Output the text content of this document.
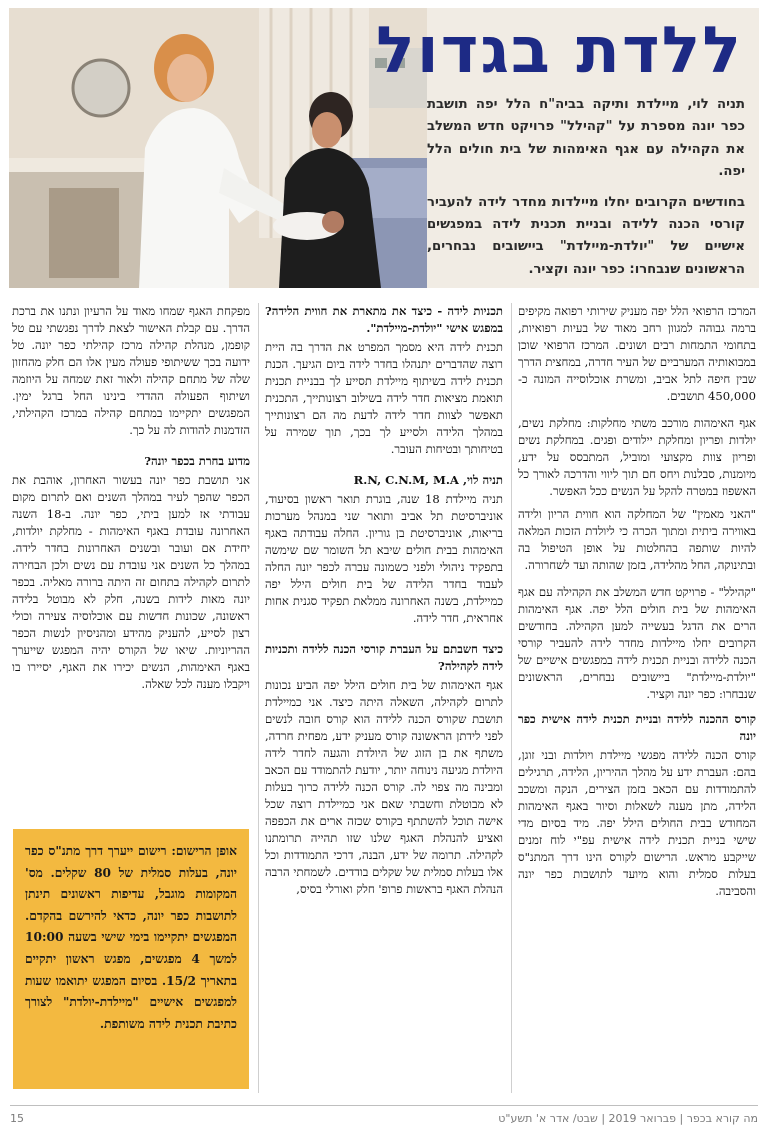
ללדת בגדול

תניה לוי, מיילדת ותיקה בביה"ח הלל יפה תושבת כפר יונה מספרת על "קהילל" פרויקט חדש המשלב את הקהילה עם אגף האימהות של בית חולים הלל יפה.

בחודשים הקרובים יחלו מיילדות מחדר לידה להעביר קורסי הכנה ללידה ובניית תכנית לידה במפגשים אישיים של "יולדת-מיילדת" ביישובים נבחרים, הראשונים שנבחרו: כפר יונה וקציר.

המרכז הרפואי הלל יפה מעניק שירותי רפואה מקיפים ברמה גבוהה למגוון רחב מאוד של בעיות רפואיות, בתחומי התמחות רבים ושונים. המרכז הרפואי שוכן במבואותיה המערביים של העיר חדרה, במחצית הדרך שבין חיפה לתל אביב, ומשרת אוכלוסייה המונה כ- 450,000 תושבים.

אגף האימהות מורכב משתי מחלקות: מחלקת נשים, יולדות ופריון ומחלקת יילודים ופגים. במחלקת נשים ופריון צוות מקצועי ומוביל, המתבסס על ידע, מיומנות, סבלנות ויחס חם תוך ליווי והדרכה לאורך כל האשפוז במטרה להקל על הנשים ככל האפשר.

"האני מאמין" של המחלקה הוא חווית הריון ולידה באווירה ביתית ומתוך הכרה כי ליולדת הזכות המלאה להיות שותפה בהחלטות על אופן הטיפול בה ובתינוקה, החל מהלידה, בזמן שהותה ועד לשחרורה.

"קהילל" - פרויקט חדש המשלב את הקהילה עם אגף האימהות של בית חולים הלל יפה. אגף האימהות הרים את הדגל בעשייה למען הקהילה. בחודשים הקרובים יחלו מיילדות מחדר לידה להעביר קורסי הכנה ללידה ובניית תכנית לידה במפגשים אישיים של "יולדת-מיילדת" ביישובים נבחרים, הראשונים שנבחרו: כפר יונה וקציר.

קורס ההכנה ללידה ובניית תכנית לידה אישית כפר יונה

קורס הכנה ללידה מפגשי מיילדת ויולדות ובני זוגן, בהם: העברת ידע על מהלך ההיריון, הלידה, תרגילים להתמודדות עם הכאב בזמן הצירים, הנקה ומשכב הלידה, מתן מענה לשאלות וסיור באגף האימהות המחודש בבית החולים הילל יפה. מיד בסיום מדי שישי בניית תכנית לידה אישית עפ"י לוח זמנים שייקבע מראש. הרישום לקורס הינו דרך המתנ"ס בעלות סמלית והוא מיועד לתושבות כפר יונה והסביבה.

תכניות לידה - כיצד את מתארת את חווית הלידה? במפגש אישי "יולדת-מיילדת".

תכנית לידה היא מסמך המפרט את הדרך בה היית רוצה שהדברים יתנהלו בחדר לידה ביום הגיעך. הכנת תכנית לידה בשיתוף מיילדת תסייע לך בבניית תכנית תואמת מציאות חדר לידה בשילוב רצונותייך, התכנית תאפשר לצוות חדר לידה לדעת מה הם רצונותייך במהלך הלידה ולסייע לך בכך, תוך שמירה על בטיחותך ובטיחות העובר.

תניה לוי, R.N, C.N.M, M.A

תניה מיילדת 18 שנה, בוגרת תואר ראשון בסיעוד, אוניברסיטת תל אביב ותואר שני במנהל מערכות בריאות, אוניברסיטת בן גוריון. החלה עבודתה באגף האימהות בבית חולים שיבא תל השומר שם שימשה בתפקיד ניהולי ולפני כשמונה עברה לכפר יונה החלה לעבוד בחדר הלידה של בית חולים הילל יפה כמיילדת, בשנה האחרונה ממלאת תפקיד סגנית אחות אחראית, חדר לידה.

כיצד חשבתם על העברת קורסי הכנה ללידה ותכניות לידה לקהילה?

אגף האימהות של בית חולים הילל יפה הביע נכונות לתרום לקהילה, השאלה היתה כיצד. אני כמיילדת תושבת שקורס הכנה ללידה הוא קורס חובה לנשים לפני לידתן הראשונה קורס מעניק ידע, מפחית חרדה, משתף את בן הזוג של היולדת והגעה לחדר לידה היולדת מגיעה נינוחה יותר, יודעת להתמודד עם הכאב ומבינה מה צפוי לה. קורס הכנה ללידה כרוך בעלות לא מבוטלת וחשבתי שאם אני כמיילדת רוצה שכל אישה תוכל להשתתף בקורס שכזה ארים את הכפפה ואציע להנהלת האגף שלנו שזו תהייה תרומתנו לקהילה. תרומה של ידע, הבנה, דרכי התמודדות וכל אלו בעלות סמלית של שקלים בודדים. לשמחתי הרבה הנהלת האגף בראשות פרופ' חלק ואורלי בסיס,

מפקחת האגף שמחו מאוד על הרעיון ונתנו את ברכת הדרך. עם קבלת האישור לצאת לדרך נפגשתי עם טל קופמן, מנהלת קהילה מרכז קהילתי כפר יונה. טל ידועה בכך ששיתופי פעולה מעין אלו הם חלק מהחזון שלה של מתחם קהילה ולאור זאת שמחה על היוזמה ושיתוף הפעולה ההדדי בינינו החל ברגל ימין. המפגשים יתקיימו במתחם קהילה במרכז הקהילתי, הזדמנות להודות לה על כך.

מדוע בחרת בכפר יונה?

אני תושבת כפר יונה בעשור האחרון, אוהבת את הכפר שהפך לעיר במהלך השנים ואם לתרום מקום עבודתי אז למען ביתי, כפר יונה. ב-18 השנה האחרונה עובדת באגף האימהות - מחלקת יולדות, יחידת אם ועובר ובשנים האחרונות בחדר לידה. במהלך כל השנים אני עובדת עם נשים ולכן הבחירה לתרום לקהילה בתחום זה היתה ברורה מאליה. בכפר יונה מאות לידות בשנה, חלק לא מבוטל בלידה ראשונה, שכונות חדשות עם אוכלוסיה צעירה וכולי רצון לסייע, להעניק מהידע ומהניסיון לנשות הכפר ההריוניות. שיאו של הקורס יהיה המפגש שייערך באגף האימהות, הנשים יכירו את האגף, יסיירו בו ויקבלו מענה לכל שאלה.

אופן הרישום: רישום ייערך דרך מתנ"ס כפר יונה, בעלות סמלית של 80 שקלים. מס' המקומות מוגבל, עדיפות ראשונים תינתן לתושבות כפר יונה, כדאי להירשם בהקדם. המפגשים יתקיימו בימי שישי בשעה 10:00 למשך 4 מפגשים, מפגש ראשון יתקיים בתאריך 15/2. בסיום המפגש יתואמו שעות למפגשים אישיים "מיילדת-יולדת" לצורך כתיבת תכנית לידה משותפת.
מה קורא בכפר | פברואר 2019 | שבט/ אדר א' תשע"ט
15
